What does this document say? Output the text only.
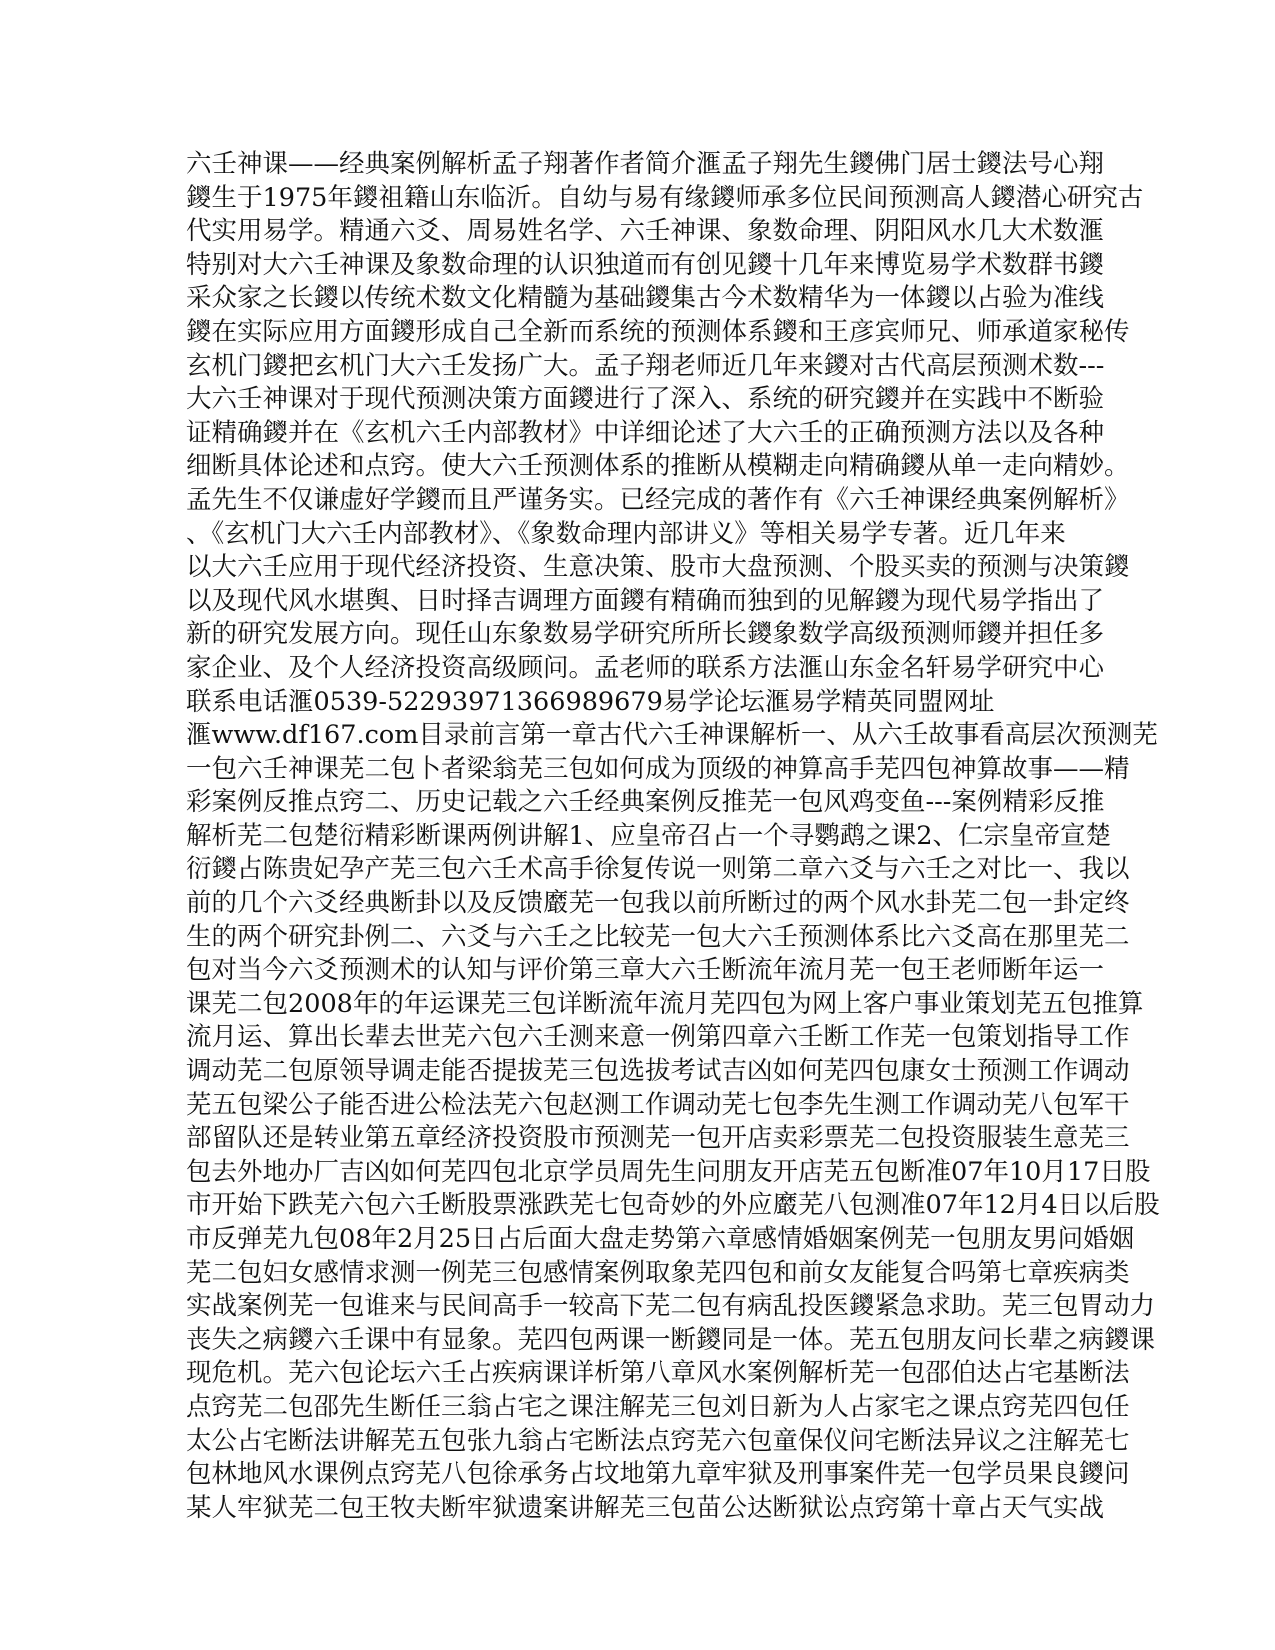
六壬神课——经典案例解析孟子翔著作者简介滙孟子翔先生鑁佛门居士鑁法号心翔
鑁生于1975年鑁祖籍山东临沂。自幼与易有缘鑁师承多位民间预测高人鑁潜心研究古
代实用易学。精通六爻、周易姓名学、六壬神课、象数命理、阴阳风水几大术数滙
特别对大六壬神课及象数命理的认识独道而有创见鑁十几年来博览易学术数群书鑁
采众家之长鑁以传统术数文化精髓为基础鑁集古今术数精华为一体鑁以占验为准线
鑁在实际应用方面鑁形成自己全新而系统的预测体系鑁和王彦宾师兄、师承道家秘传
玄机门鑁把玄机门大六壬发扬广大。孟子翔老师近几年来鑁对古代高层预测术数---
大六壬神课对于现代预测决策方面鑁进行了深入、系统的研究鑁并在实践中不断验
证精确鑁并在《玄机六壬内部教材》中详细论述了大六壬的正确预测方法以及各种
细断具体论述和点窍。使大六壬预测体系的推断从模糊走向精确鑁从单一走向精妙。
孟先生不仅谦虚好学鑁而且严谨务实。已经完成的著作有《六壬神课经典案例解析》
、《玄机门大六壬内部教材》、《象数命理内部讲义》等相关易学专著。近几年来
以大六壬应用于现代经济投资、生意决策、股市大盘预测、个股买卖的预测与决策鑁
以及现代风水堪舆、日时择吉调理方面鑁有精确而独到的见解鑁为现代易学指出了
新的研究发展方向。现任山东象数易学研究所所长鑁象数学高级预测师鑁并担任多
家企业、及个人经济投资高级顾问。孟老师的联系方法滙山东金名轩易学研究中心
联系电话滙0539-52293971366989679易学论坛滙易学精英同盟网址
滙www.df167.com目录前言第一章古代六壬神课解析一、从六壬故事看高层次预测芜
一包六壬神课芜二包卜者梁翁芜三包如何成为顶级的神算高手芜四包神算故事——精
彩案例反推点窍二、历史记载之六壬经典案例反推芜一包风鸡变鱼---案例精彩反推
解析芜二包楚衍精彩断课两例讲解1、应皇帝召占一个寻鹦鹉之课2、仁宗皇帝宣楚
衍鑁占陈贵妃孕产芜三包六壬术高手徐复传说一则第二章六爻与六壬之对比一、我以
前的几个六爻经典断卦以及反馈黀芜一包我以前所断过的两个风水卦芜二包一卦定终
生的两个研究卦例二、六爻与六壬之比较芜一包大六壬预测体系比六爻高在那里芜二
包对当今六爻预测术的认知与评价第三章大六壬断流年流月芜一包王老师断年运一
课芜二包2008年的年运课芜三包详断流年流月芜四包为网上客户事业策划芜五包推算
流月运、算出长辈去世芜六包六壬测来意一例第四章六壬断工作芜一包策划指导工作
调动芜二包原领导调走能否提拔芜三包选拔考试吉凶如何芜四包康女士预测工作调动
芜五包梁公子能否进公检法芜六包赵测工作调动芜七包李先生测工作调动芜八包军干
部留队还是转业第五章经济投资股市预测芜一包开店卖彩票芜二包投资服装生意芜三
包去外地办厂吉凶如何芜四包北京学员周先生问朋友开店芜五包断准07年10月17日股
市开始下跌芜六包六壬断股票涨跌芜七包奇妙的外应黀芜八包测准07年12月4日以后股
市反弹芜九包08年2月25日占后面大盘走势第六章感情婚姻案例芜一包朋友男问婚姻
芜二包妇女感情求测一例芜三包感情案例取象芜四包和前女友能复合吗第七章疾病类
实战案例芜一包谁来与民间高手一较高下芜二包有病乱投医鑁紧急求助。芜三包胃动力
丧失之病鑁六壬课中有显象。芜四包两课一断鑁同是一体。芜五包朋友问长辈之病鑁课
现危机。芜六包论坛六壬占疾病课详析第八章风水案例解析芜一包邵伯达占宅基断法
点窍芜二包邵先生断任三翁占宅之课注解芜三包刘日新为人占家宅之课点窍芜四包任
太公占宅断法讲解芜五包张九翁占宅断法点窍芜六包童保仪问宅断法异议之注解芜七
包林地风水课例点窍芜八包徐承务占坟地第九章牢狱及刑事案件芜一包学员果良鑁问
某人牢狱芜二包王牧夫断牢狱遗案讲解芜三包苗公达断狱讼点窍第十章占天气实战
